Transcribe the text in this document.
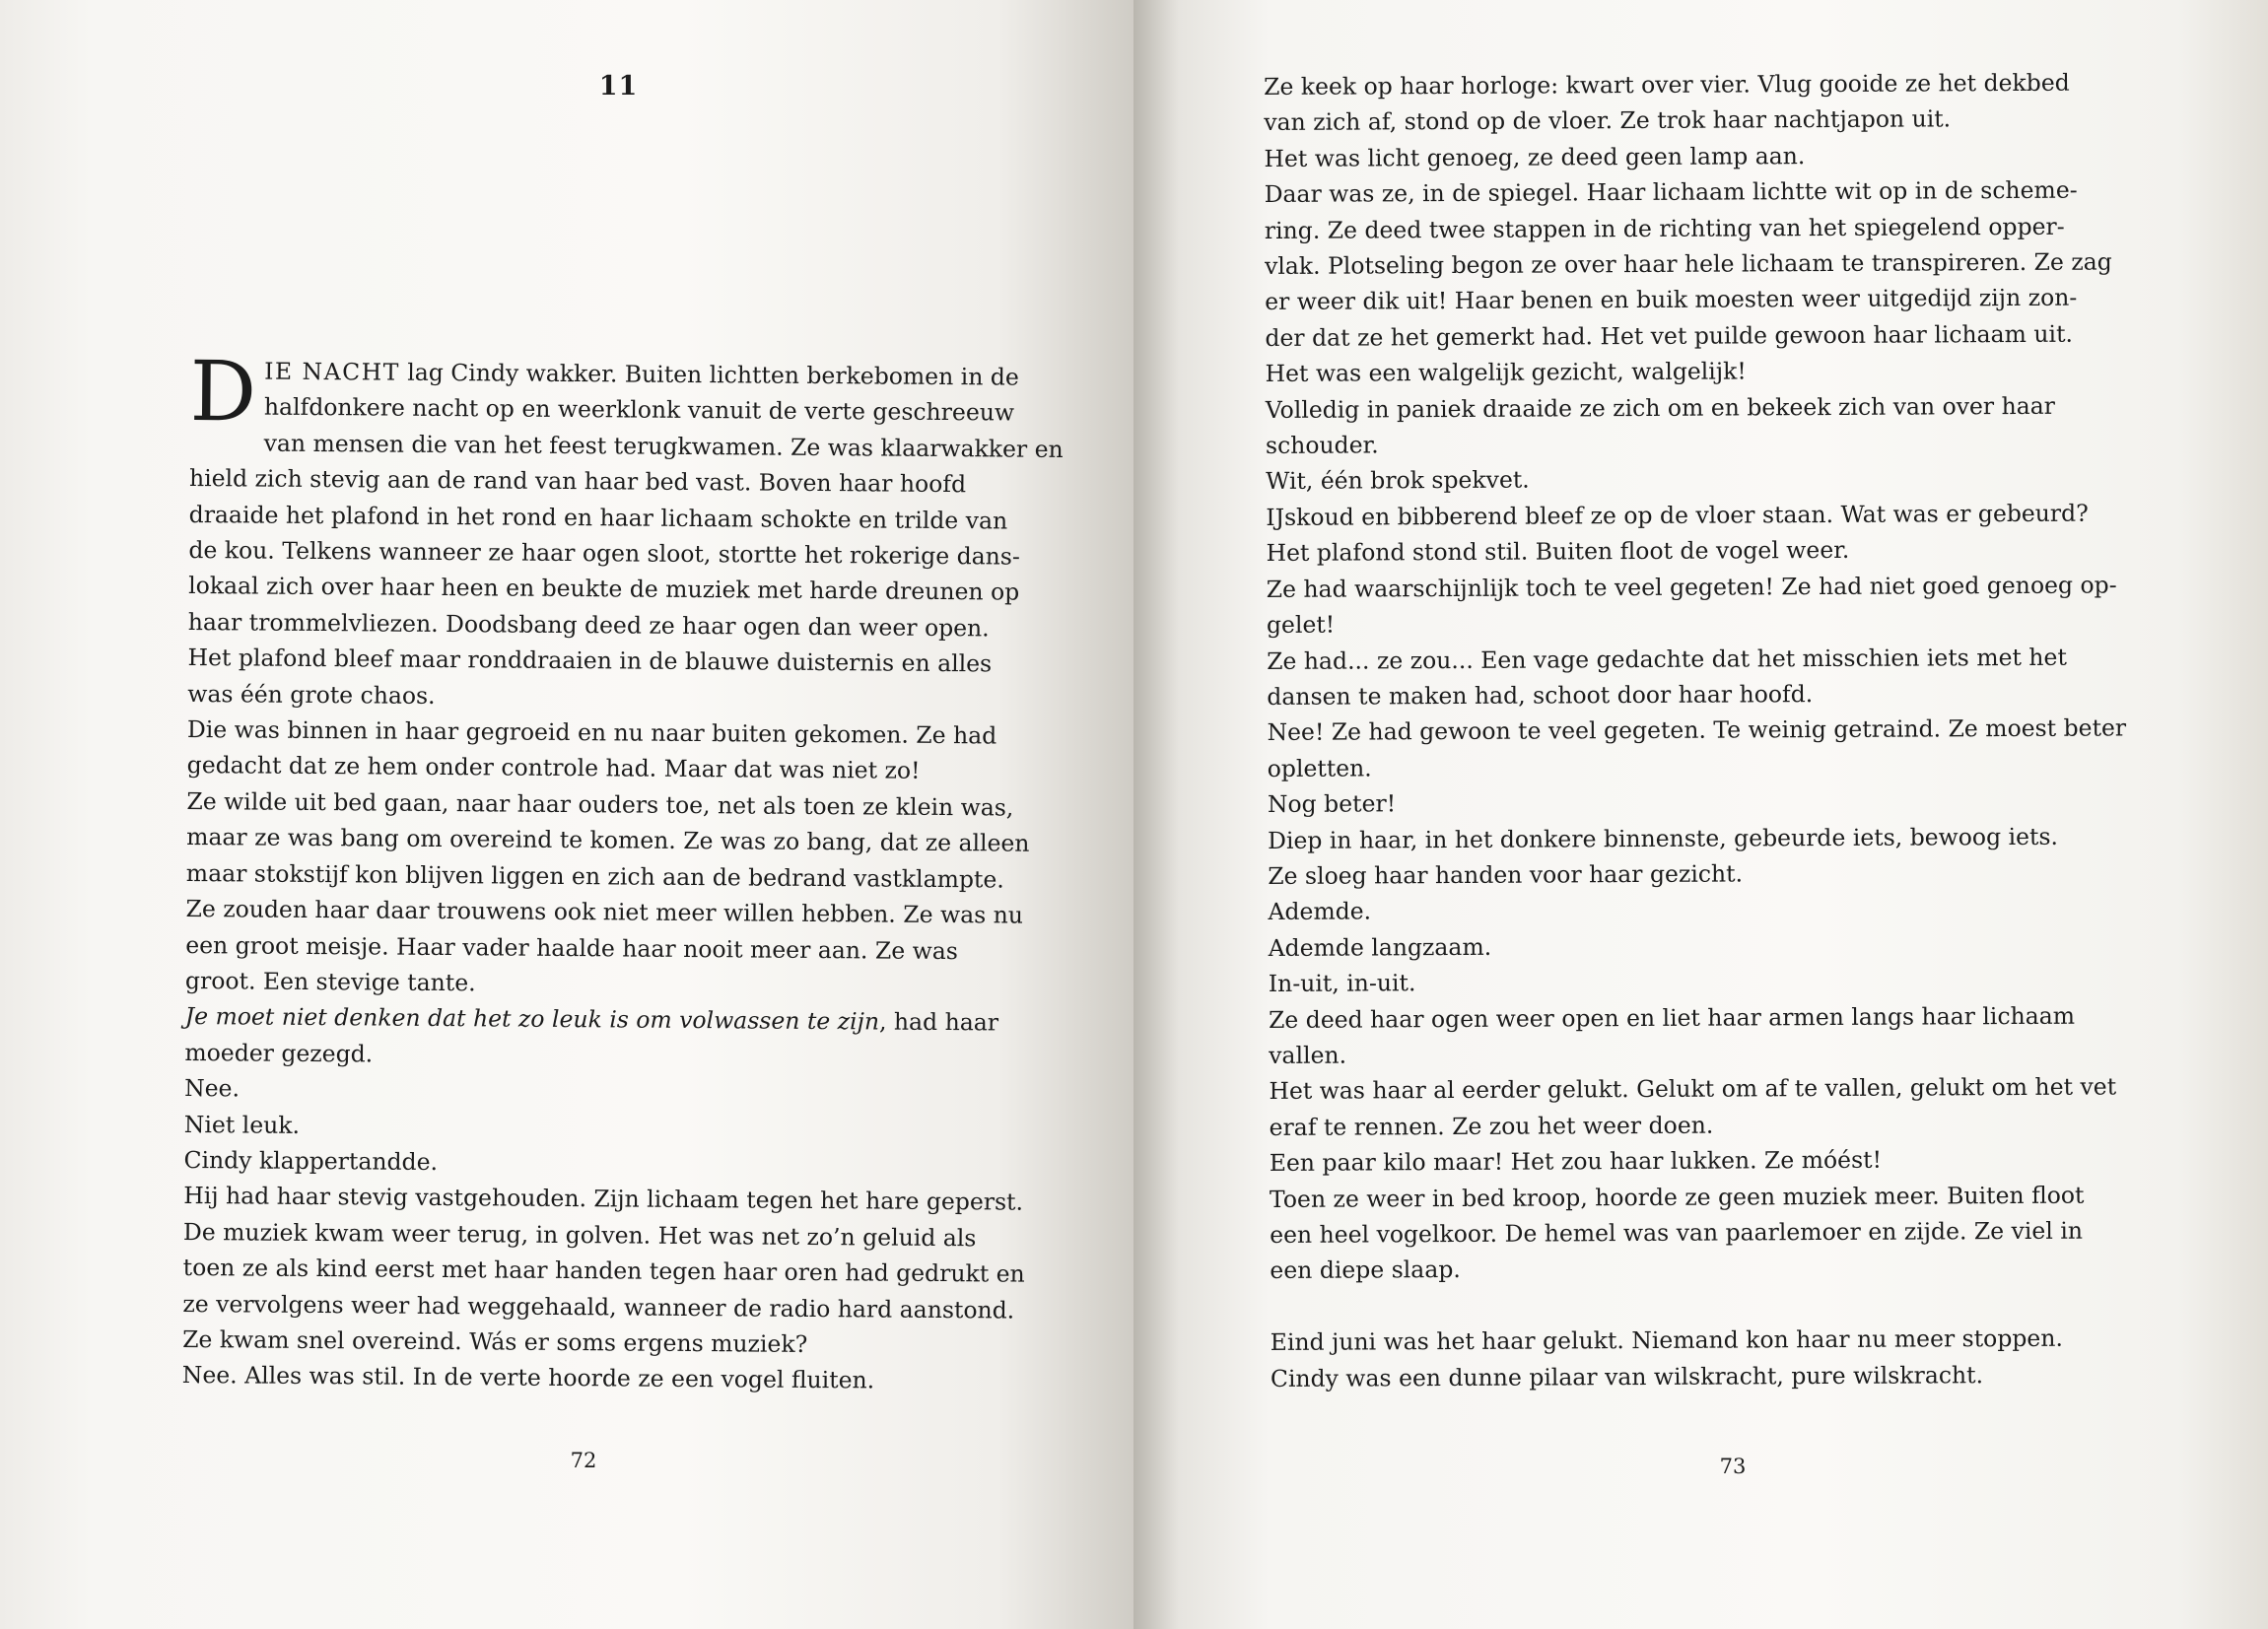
11
D IE NACHT lag Cindy wakker. Buiten lichtten berkebomen in de
halfdonkere nacht op en weerklonk vanuit de verte geschreeuw
van mensen die van het feest terugkwamen. Ze was klaarwakker en
hield zich stevig aan de rand van haar bed vast. Boven haar hoofd
draaide het plafond in het rond en haar lichaam schokte en trilde van
de kou. Telkens wanneer ze haar ogen sloot, stortte het rokerige dans-
lokaal zich over haar heen en beukte de muziek met harde dreunen op
haar trommelvliezen. Doodsbang deed ze haar ogen dan weer open.
Het plafond bleef maar ronddraaien in de blauwe duisternis en alles
was één grote chaos.
Die was binnen in haar gegroeid en nu naar buiten gekomen. Ze had
gedacht dat ze hem onder controle had. Maar dat was niet zo!
Ze wilde uit bed gaan, naar haar ouders toe, net als toen ze klein was,
maar ze was bang om overeind te komen. Ze was zo bang, dat ze alleen
maar stokstijf kon blijven liggen en zich aan de bedrand vastklampte.
Ze zouden haar daar trouwens ook niet meer willen hebben. Ze was nu
een groot meisje. Haar vader haalde haar nooit meer aan. Ze was
groot. Een stevige tante.
Je moet niet denken dat het zo leuk is om volwassen te zijn, had haar
moeder gezegd.
Nee.
Niet leuk.
Cindy klappertandde.
Hij had haar stevig vastgehouden. Zijn lichaam tegen het hare geperst.
De muziek kwam weer terug, in golven. Het was net zo’n geluid als
toen ze als kind eerst met haar handen tegen haar oren had gedrukt en
ze vervolgens weer had weggehaald, wanneer de radio hard aanstond.
Ze kwam snel overeind. Wás er soms ergens muziek?
Nee. Alles was stil. In de verte hoorde ze een vogel fluiten.
72
Ze keek op haar horloge: kwart over vier. Vlug gooide ze het dekbed
van zich af, stond op de vloer. Ze trok haar nachtjapon uit.
Het was licht genoeg, ze deed geen lamp aan.
Daar was ze, in de spiegel. Haar lichaam lichtte wit op in de scheme-
ring. Ze deed twee stappen in de richting van het spiegelend opper-
vlak. Plotseling begon ze over haar hele lichaam te transpireren. Ze zag
er weer dik uit! Haar benen en buik moesten weer uitgedijd zijn zon-
der dat ze het gemerkt had. Het vet puilde gewoon haar lichaam uit.
Het was een walgelijk gezicht, walgelijk!
Volledig in paniek draaide ze zich om en bekeek zich van over haar
schouder.
Wit, één brok spekvet.
IJskoud en bibberend bleef ze op de vloer staan. Wat was er gebeurd?
Het plafond stond stil. Buiten floot de vogel weer.
Ze had waarschijnlijk toch te veel gegeten! Ze had niet goed genoeg op-
gelet!
Ze had... ze zou... Een vage gedachte dat het misschien iets met het
dansen te maken had, schoot door haar hoofd.
Nee! Ze had gewoon te veel gegeten. Te weinig getraind. Ze moest beter
opletten.
Nog beter!
Diep in haar, in het donkere binnenste, gebeurde iets, bewoog iets.
Ze sloeg haar handen voor haar gezicht.
Ademde.
Ademde langzaam.
In-uit, in-uit.
Ze deed haar ogen weer open en liet haar armen langs haar lichaam
vallen.
Het was haar al eerder gelukt. Gelukt om af te vallen, gelukt om het vet
eraf te rennen. Ze zou het weer doen.
Een paar kilo maar! Het zou haar lukken. Ze móést!
Toen ze weer in bed kroop, hoorde ze geen muziek meer. Buiten floot
een heel vogelkoor. De hemel was van paarlemoer en zijde. Ze viel in
een diepe slaap.
Eind juni was het haar gelukt. Niemand kon haar nu meer stoppen.
Cindy was een dunne pilaar van wilskracht, pure wilskracht.
73
